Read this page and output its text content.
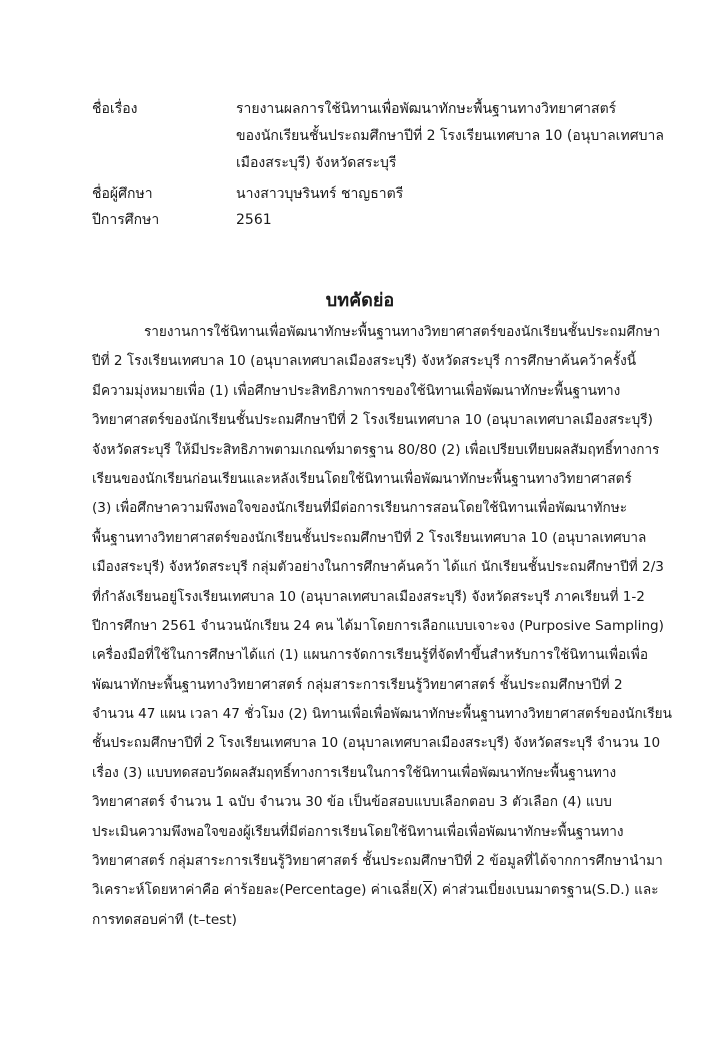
ชื่อเรื่อง	รายงานผลการใช้นิทานเพื่อพัฒนาทักษะพื้นฐานทางวิทยาศาสตร์
ของนักเรียนชั้นประถมศึกษาปีที่ 2 โรงเรียนเทศบาล 10 (อนุบาลเทศบาล
เมืองสระบุรี) จังหวัดสระบุรี
ชื่อผู้ศึกษา	นางสาวบุษรินทร์ ชาญธาตรี
ปีการศึกษา	2561
บทคัดย่อ
รายงานการใช้นิทานเพื่อพัฒนาทักษะพื้นฐานทางวิทยาศาสตร์ของนักเรียนชั้นประถมศึกษา
ปีที่ 2 โรงเรียนเทศบาล 10 (อนุบาลเทศบาลเมืองสระบุรี) จังหวัดสระบุรี การศึกษาค้นคว้าครั้งนี้
มีความมุ่งหมายเพื่อ (1) เพื่อศึกษาประสิทธิภาพการของใช้นิทานเพื่อพัฒนาทักษะพื้นฐานทาง
วิทยาศาสตร์ของนักเรียนชั้นประถมศึกษาปีที่ 2 โรงเรียนเทศบาล 10 (อนุบาลเทศบาลเมืองสระบุรี)
จังหวัดสระบุรี ให้มีประสิทธิภาพตามเกณฑ์มาตรฐาน 80/80 (2) เพื่อเปรียบเทียบผลสัมฤทธิ์ทางการ
เรียนของนักเรียนก่อนเรียนและหลังเรียนโดยใช้นิทานเพื่อพัฒนาทักษะพื้นฐานทางวิทยาศาสตร์
(3) เพื่อศึกษาความพึงพอใจของนักเรียนที่มีต่อการเรียนการสอนโดยใช้นิทานเพื่อพัฒนาทักษะ
พื้นฐานทางวิทยาศาสตร์ของนักเรียนชั้นประถมศึกษาปีที่ 2 โรงเรียนเทศบาล 10 (อนุบาลเทศบาล
เมืองสระบุรี) จังหวัดสระบุรี กลุ่มตัวอย่างในการศึกษาค้นคว้า ได้แก่ นักเรียนชั้นประถมศึกษาปีที่ 2/3
ที่กำลังเรียนอยู่โรงเรียนเทศบาล 10 (อนุบาลเทศบาลเมืองสระบุรี) จังหวัดสระบุรี ภาคเรียนที่ 1-2
ปีการศึกษา 2561 จำนวนนักเรียน 24 คน ได้มาโดยการเลือกแบบเจาะจง (Purposive Sampling)
เครื่องมือที่ใช้ในการศึกษาได้แก่ (1) แผนการจัดการเรียนรู้ที่จัดทำขึ้นสำหรับการใช้นิทานเพื่อเพื่อ
พัฒนาทักษะพื้นฐานทางวิทยาศาสตร์ กลุ่มสาระการเรียนรู้วิทยาศาสตร์ ชั้นประถมศึกษาปีที่ 2
จำนวน 47 แผน เวลา 47 ชั่วโมง (2) นิทานเพื่อเพื่อพัฒนาทักษะพื้นฐานทางวิทยาศาสตร์ของนักเรียน
ชั้นประถมศึกษาปีที่ 2 โรงเรียนเทศบาล 10 (อนุบาลเทศบาลเมืองสระบุรี) จังหวัดสระบุรี จำนวน 10
เรื่อง (3) แบบทดสอบวัดผลสัมฤทธิ์ทางการเรียนในการใช้นิทานเพื่อพัฒนาทักษะพื้นฐานทาง
วิทยาศาสตร์ จำนวน 1 ฉบับ จำนวน 30 ข้อ เป็นข้อสอบแบบเลือกตอบ 3 ตัวเลือก (4) แบบ
ประเมินความพึงพอใจของผู้เรียนที่มีต่อการเรียนโดยใช้นิทานเพื่อเพื่อพัฒนาทักษะพื้นฐานทาง
วิทยาศาสตร์ กลุ่มสาระการเรียนรู้วิทยาศาสตร์ ชั้นประถมศึกษาปีที่ 2 ข้อมูลที่ได้จากการศึกษานำมา
วิเคราะห์โดยหาค่าคือ ค่าร้อยละ(Percentage) ค่าเฉลี่ย$(\overline{X})$ ค่าส่วนเบี่ยงเบนมาตรฐาน(S.D.) และ
การทดสอบค่าที (t–test)
